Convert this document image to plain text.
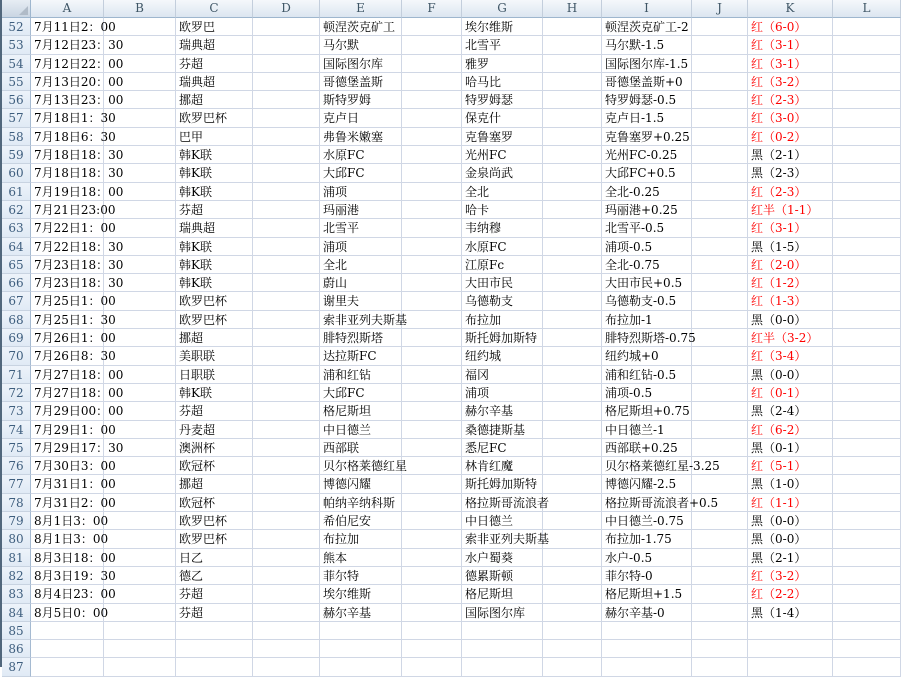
A	B	C	D	E	F	G	H	I	J	K	L
52 7月11日2：00	欧罗巴	顿涅茨克矿工	埃尔维斯	顿涅茨克矿工-2	红（6-0）
53 7月12日23：30	瑞典超	马尔默	北雪平	马尔默-1.5	红（3-1）
54 7月12日22：00	芬超	国际图尔库	雅罗	国际图尔库-1.5	红（3-1）
55 7月13日20：00	瑞典超	哥德堡盖斯	哈马比	哥德堡盖斯+0	红（3-2）
56 7月13日23：00	挪超	斯特罗姆	特罗姆瑟	特罗姆瑟-0.5	红（2-3）
57 7月18日1：30	欧罗巴杯	克卢日	保克什	克卢日-1.5	红（3-0）
58 7月18日6：30	巴甲	弗鲁米嫩塞	克鲁塞罗	克鲁塞罗+0.25	红（0-2）
59 7月18日18：30	韩K联	水原FC	光州FC	光州FC-0.25	黑（2-1）
60 7月18日18：30	韩K联	大邱FC	金泉尚武	大邱FC+0.5	黑（2-3）
61 7月19日18：00	韩K联	浦项	全北	全北-0.25	红（2-3）
62 7月21日23:00	芬超	玛丽港	哈卡	玛丽港+0.25	红半（1-1）
63 7月22日1：00	瑞典超	北雪平	韦纳穆	北雪平-0.5	红（3-1）
64 7月22日18：30	韩K联	浦项	水原FC	浦项-0.5	黑（1-5）
65 7月23日18：30	韩K联	全北	江原Fc	全北-0.75	红（2-0）
66 7月23日18：30	韩K联	蔚山	大田市民	大田市民+0.5	红（1-2）
67 7月25日1：00	欧罗巴杯	谢里夫	乌德勒支	乌德勒支-0.5	红（1-3）
68 7月25日1：30	欧罗巴杯	索非亚列夫斯基	布拉加	布拉加-1	黑（0-0）
69 7月26日1：00	挪超	腓特烈斯塔	斯托姆加斯特	腓特烈斯塔-0.75	红半（3-2）
70 7月26日8：30	美职联	达拉斯FC	纽约城	纽约城+0	红（3-4）
71 7月27日18：00	日职联	浦和红钻	福冈	浦和红钻-0.5	黑（0-0）
72 7月27日18：00	韩K联	大邱FC	浦项	浦项-0.5	红（0-1）
73 7月29日00：00	芬超	格尼斯坦	赫尔辛基	格尼斯坦+0.75	黑（2-4）
74 7月29日1：00	丹麦超	中日德兰	桑德捷斯基	中日德兰-1	红（6-2）
75 7月29日17：30	澳洲杯	西部联	悉尼FC	西部联+0.25	黑（0-1）
76 7月30日3：00	欧冠杯	贝尔格莱德红星	林肯红魔	贝尔格莱德红星-3.25	红（5-1）
77 7月31日1：00	挪超	博德闪耀	斯托姆加斯特	博德闪耀-2.5	黑（1-0）
78 7月31日2：00	欧冠杯	帕纳辛纳科斯	格拉斯哥流浪者	格拉斯哥流浪者+0.5	红（1-1）
79 8月1日3：00	欧罗巴杯	希伯尼安	中日德兰	中日德兰-0.75	黑（0-0）
80 8月1日3：00	欧罗巴杯	布拉加	索非亚列夫斯基	布拉加-1.75	黑（0-0）
81 8月3日18：00	日乙	熊本	水户蜀葵	水户-0.5	黑（2-1）
82 8月3日19：30	德乙	菲尔特	德累斯顿	菲尔特-0	红（3-2）
83 8月4日23：00	芬超	埃尔维斯	格尼斯坦	格尼斯坦+1.5	红（2-2）
84 8月5日0：00	芬超	赫尔辛基	国际图尔库	赫尔辛基-0	黑（1-4）
85
86
87
